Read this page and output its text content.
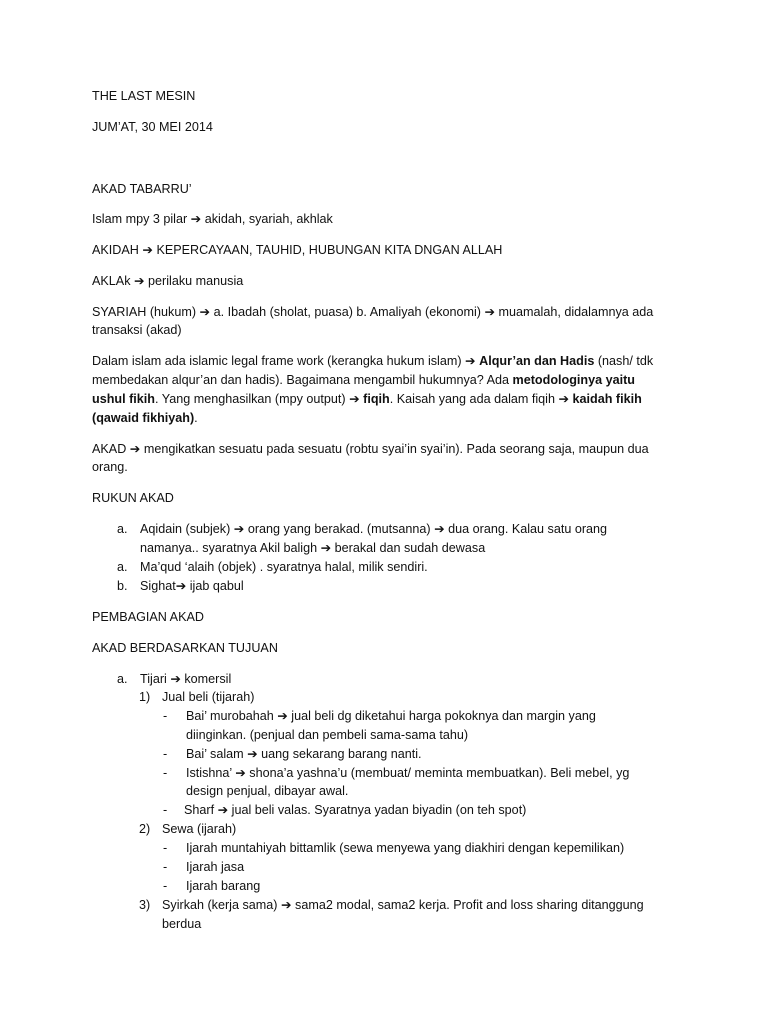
THE LAST MESIN
JUM’AT, 30 MEI 2014
AKAD TABARRU’
Islam mpy 3 pilar ➔ akidah, syariah, akhlak
AKIDAH ➔ KEPERCAYAAN, TAUHID, HUBUNGAN KITA DNGAN ALLAH
AKLAk ➔ perilaku manusia
SYARIAH (hukum) ➔ a. Ibadah (sholat, puasa) b. Amaliyah (ekonomi) ➔ muamalah, didalamnya ada
transaksi (akad)
Dalam islam ada islamic legal frame work (kerangka hukum islam) ➔ Alqur’an dan Hadis (nash/ tdk
membedakan alqur’an dan hadis). Bagaimana mengambil hukumnya? Ada metodologinya yaitu
ushul fikih. Yang menghasilkan (mpy output) ➔ fiqih. Kaisah yang ada dalam fiqih ➔ kaidah fikih
(qawaid fikhiyah).
AKAD ➔ mengikatkan sesuatu pada sesuatu (robtu syai’in syai’in). Pada seorang saja, maupun dua
orang.
RUKUN AKAD
a. Aqidain (subjek) ➔ orang yang berakad. (mutsanna) ➔ dua orang. Kalau satu orang
namanya.. syaratnya Akil baligh ➔ berakal dan sudah dewasa
a. Ma’qud ‘alaih (objek) . syaratnya halal, milik sendiri.
b. Sighat➔ ijab qabul
PEMBAGIAN AKAD
AKAD BERDASARKAN TUJUAN
a. Tijari ➔ komersil
1) Jual beli (tijarah)
- Bai’ murobahah ➔ jual beli dg diketahui harga pokoknya dan margin yang
diinginkan. (penjual dan pembeli sama-sama tahu)
- Bai’ salam ➔ uang sekarang barang nanti.
- Istishna’ ➔ shona’a yashna’u (membuat/ meminta membuatkan). Beli mebel, yg
design penjual, dibayar awal.
- Sharf ➔ jual beli valas. Syaratnya yadan biyadin (on teh spot)
2) Sewa (ijarah)
- Ijarah muntahiyah bittamlik (sewa menyewa yang diakhiri dengan kepemilikan)
- Ijarah jasa
- Ijarah barang
3) Syirkah (kerja sama) ➔ sama2 modal, sama2 kerja. Profit and loss sharing ditanggung
berdua
